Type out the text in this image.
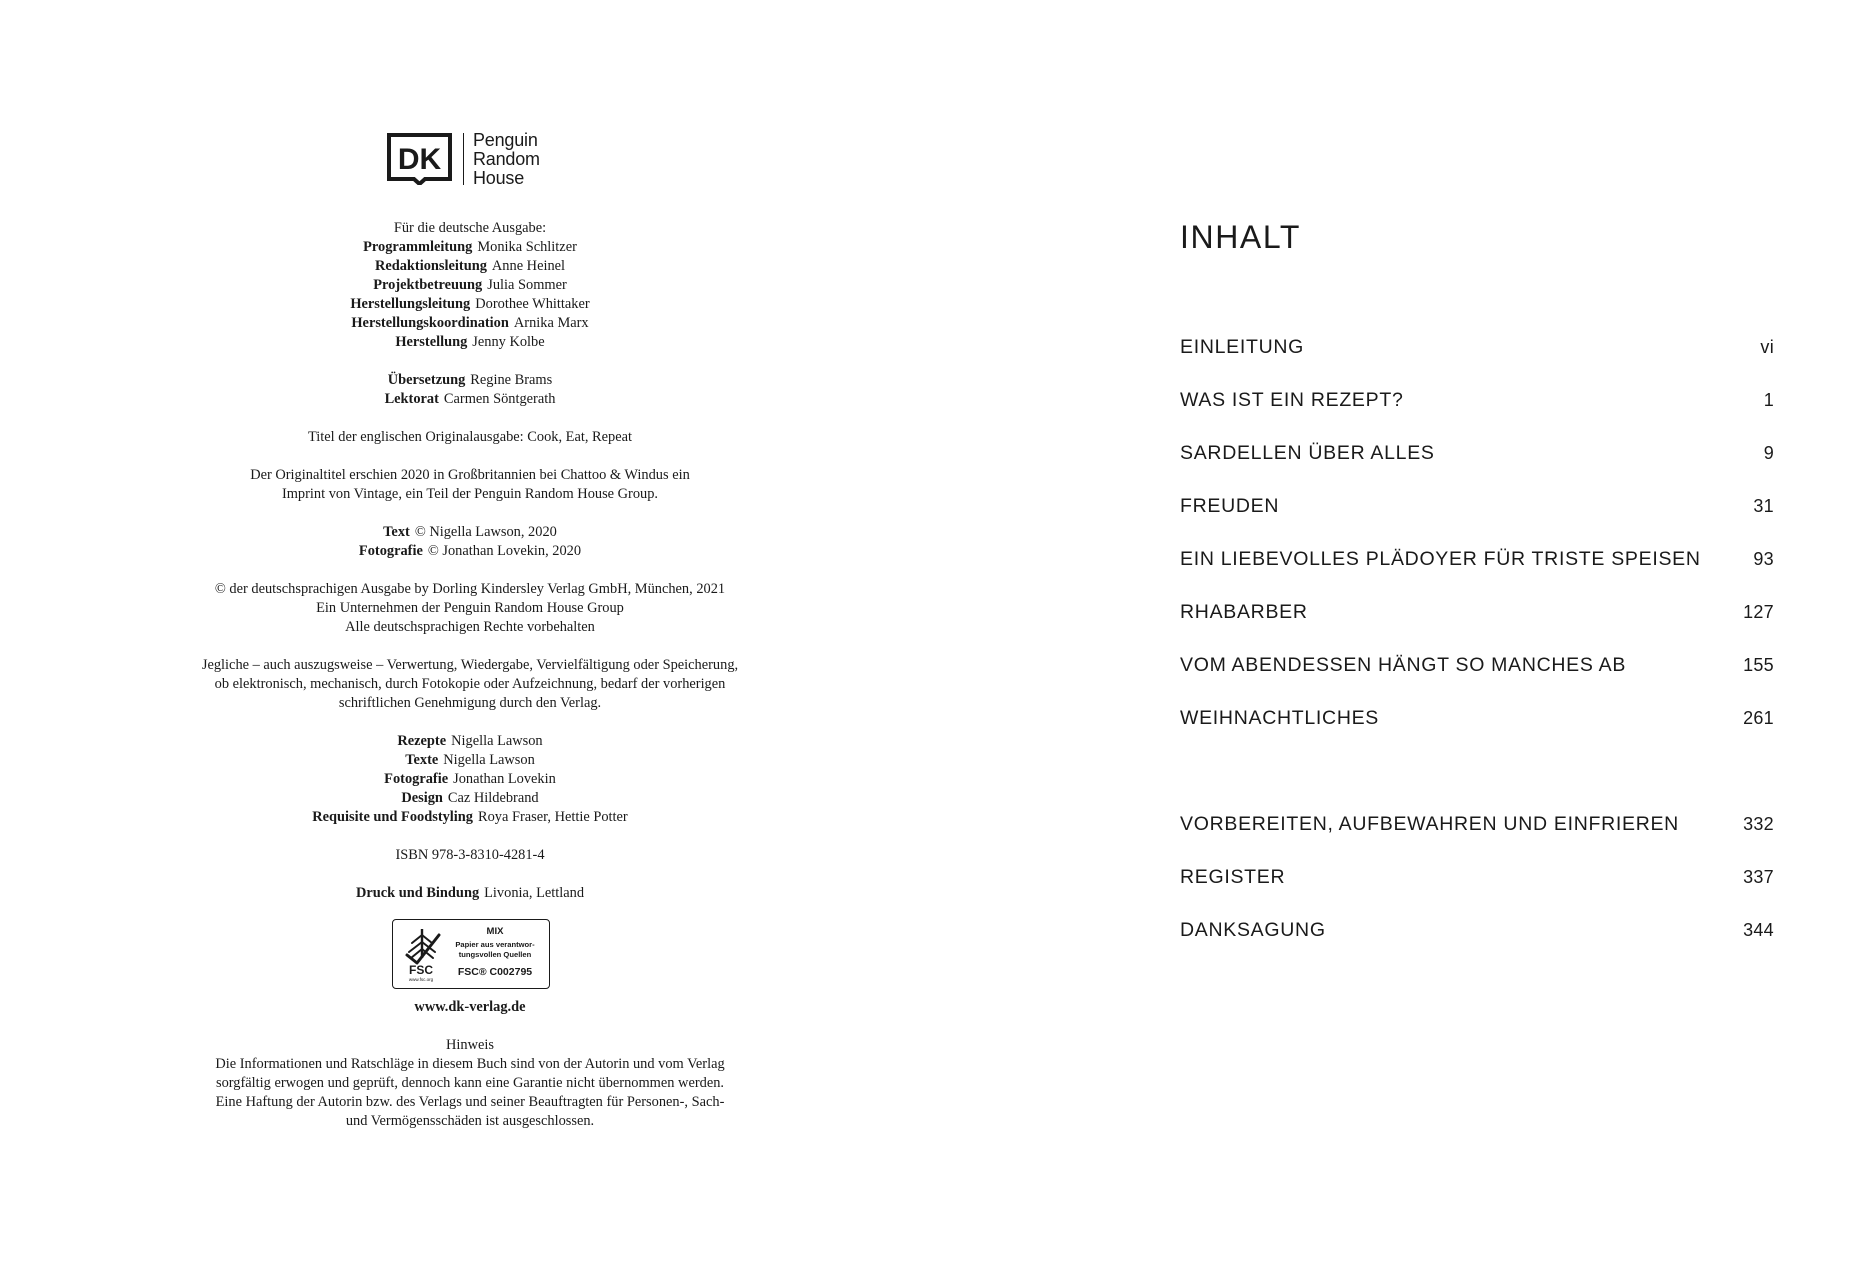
DK
Penguin
Random
House
Für die deutsche Ausgabe:
Programmleitung Monika Schlitzer
Redaktionsleitung Anne Heinel
Projektbetreuung Julia Sommer
Herstellungsleitung Dorothee Whittaker
Herstellungskoordination Arnika Marx
Herstellung Jenny Kolbe
Übersetzung Regine Brams
Lektorat Carmen Söntgerath
Titel der englischen Originalausgabe: Cook, Eat, Repeat
Der Originaltitel erschien 2020 in Großbritannien bei Chattoo & Windus ein
Imprint von Vintage, ein Teil der Penguin Random House Group.
Text © Nigella Lawson, 2020
Fotografie © Jonathan Lovekin, 2020
© der deutschsprachigen Ausgabe by Dorling Kindersley Verlag GmbH, München, 2021
Ein Unternehmen der Penguin Random House Group
Alle deutschsprachigen Rechte vorbehalten
Jegliche – auch auszugsweise – Verwertung, Wiedergabe, Vervielfältigung oder Speicherung,
ob elektronisch, mechanisch, durch Fotokopie oder Aufzeichnung, bedarf der vorherigen
schriftlichen Genehmigung durch den Verlag.
Rezepte Nigella Lawson
Texte Nigella Lawson
Fotografie Jonathan Lovekin
Design Caz Hildebrand
Requisite und Foodstyling Roya Fraser, Hettie Potter
ISBN 978-3-8310-4281-4
Druck und Bindung Livonia, Lettland
FSC
www.fsc.org
MIX
Papier aus verantwor-
tungsvollen Quellen
FSC® C002795
www.dk-verlag.de
Hinweis
Die Informationen und Ratschläge in diesem Buch sind von der Autorin und vom Verlag
sorgfältig erwogen und geprüft, dennoch kann eine Garantie nicht übernommen werden.
Eine Haftung der Autorin bzw. des Verlags und seiner Beauftragten für Personen-, Sach-
und Vermögensschäden ist ausgeschlossen.
INHALT
EINLEITUNG	vi
WAS IST EIN REZEPT?	1
SARDELLEN ÜBER ALLES	9
FREUDEN	31
EIN LIEBEVOLLES PLÄDOYER FÜR TRISTE SPEISEN	93
RHABARBER	127
VOM ABENDESSEN HÄNGT SO MANCHES AB	155
WEIHNACHTLICHES	261
VORBEREITEN, AUFBEWAHREN UND EINFRIEREN	332
REGISTER	337
DANKSAGUNG	344
